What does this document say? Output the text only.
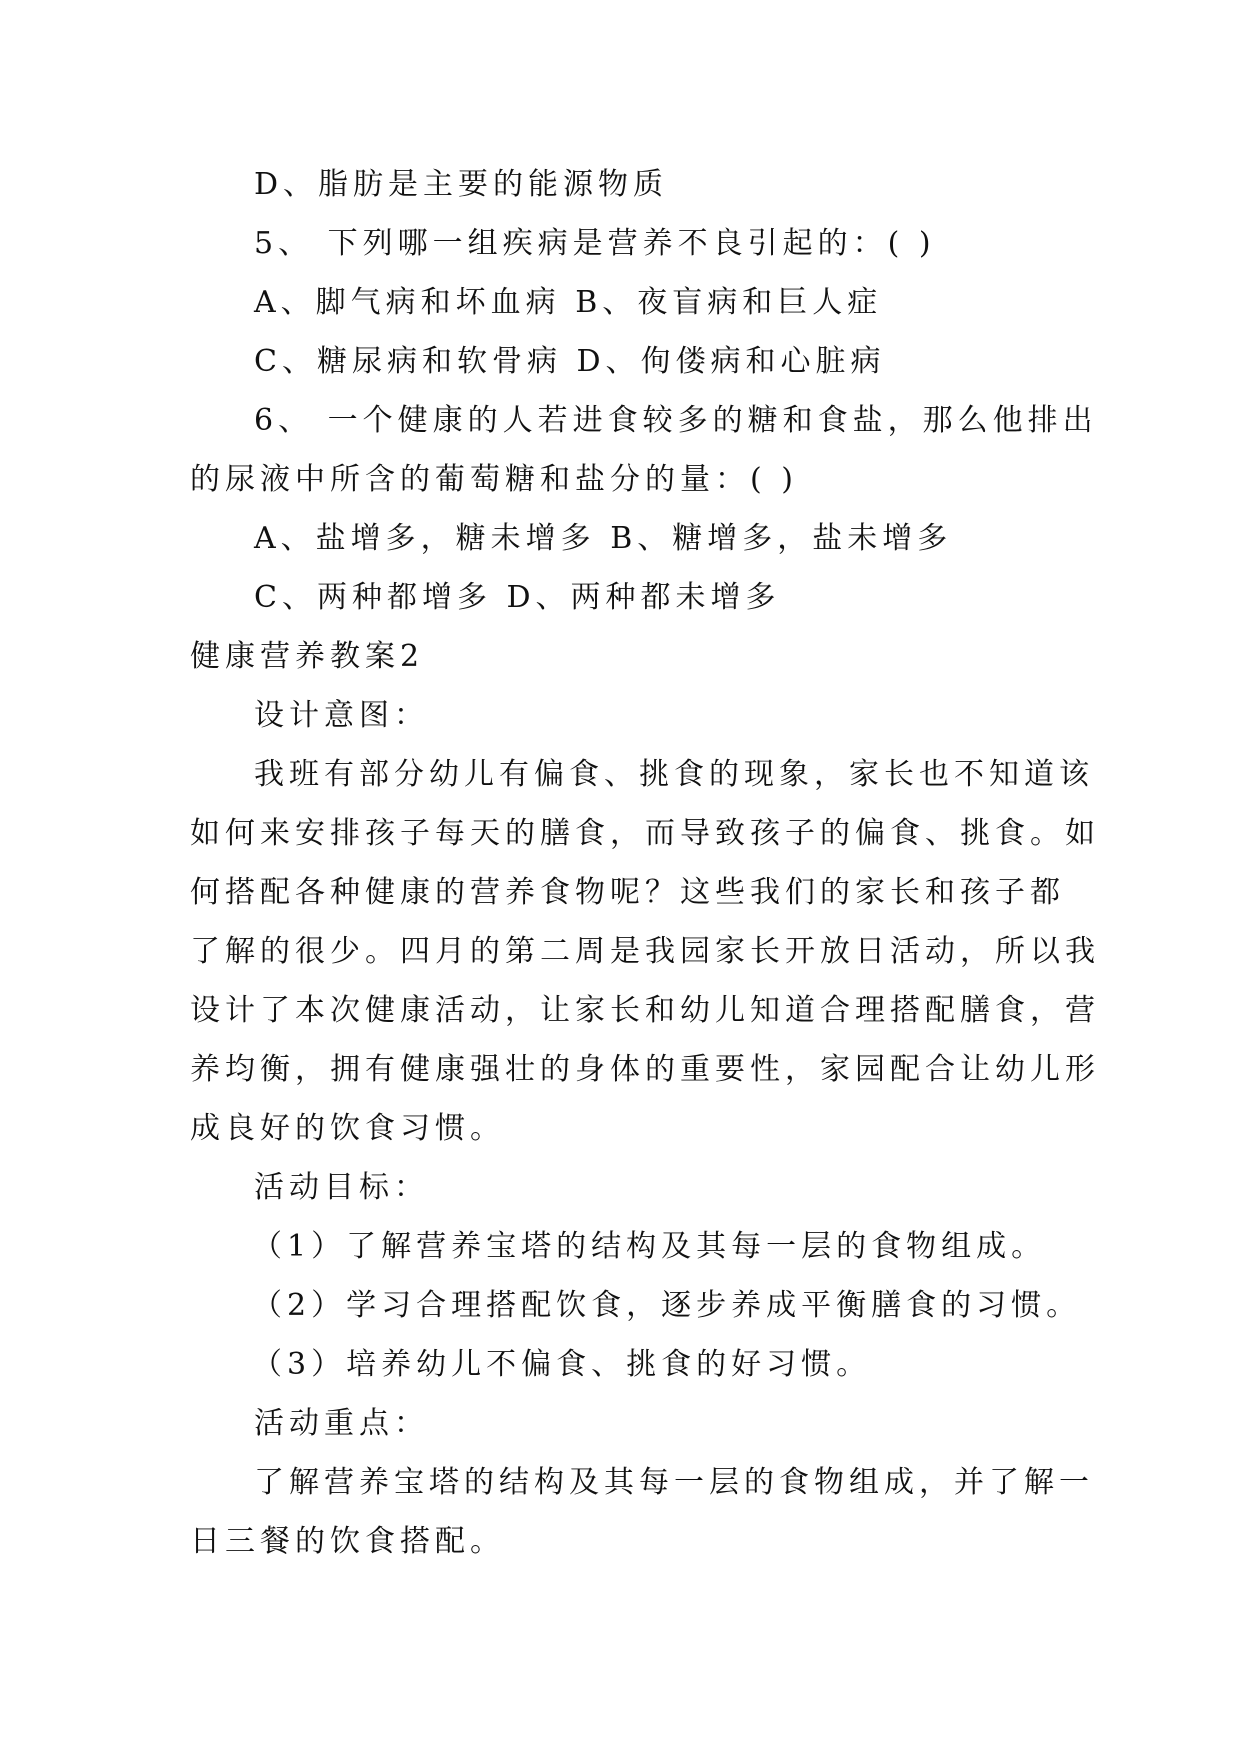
D、脂肪是主要的能源物质
5、 下列哪一组疾病是营养不良引起的：( )
A、脚气病和坏血病 B、夜盲病和巨人症
C、糖尿病和软骨病 D、佝偻病和心脏病
6、 一个健康的人若进食较多的糖和食盐，那么他排出
的尿液中所含的葡萄糖和盐分的量：( )
A、盐增多，糖未增多 B、糖增多，盐未增多
C、两种都增多 D、两种都未增多
健康营养教案2
设计意图：
我班有部分幼儿有偏食、挑食的现象，家长也不知道该
如何来安排孩子每天的膳食，而导致孩子的偏食、挑食。如
何搭配各种健康的营养食物呢？这些我们的家长和孩子都
了解的很少。四月的第二周是我园家长开放日活动，所以我
设计了本次健康活动，让家长和幼儿知道合理搭配膳食，营
养均衡，拥有健康强壮的身体的重要性，家园配合让幼儿形
成良好的饮食习惯。
活动目标：
（1）了解营养宝塔的结构及其每一层的食物组成。
（2）学习合理搭配饮食，逐步养成平衡膳食的习惯。
（3）培养幼儿不偏食、挑食的好习惯。
活动重点：
了解营养宝塔的结构及其每一层的食物组成，并了解一
日三餐的饮食搭配。
